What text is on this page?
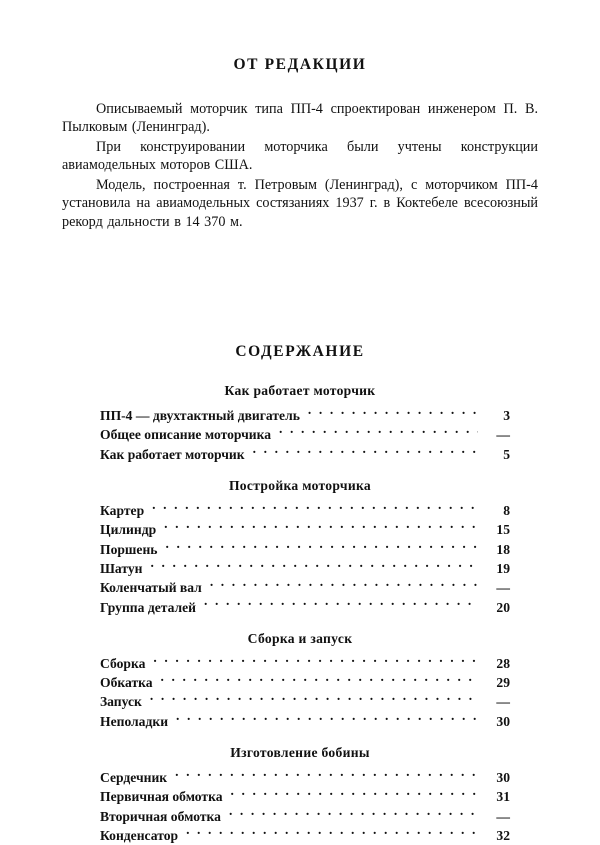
ОТ РЕДАКЦИИ

Описываемый моторчик типа ПП-4 спроектирован инженером П. В. Пылковым (Ленинград).

При конструировании моторчика были учтены конструкции авиамодельных моторов США.

Модель, построенная т. Петровым (Ленинград), с моторчиком ПП-4 установила на авиамодельных состязаниях 1937 г. в Коктебеле всесоюзный рекорд дальности в 14 370 м.

СОДЕРЖАНИЕ
Как работает моторчик
ПП-4 — двухтактный двигатель . . .	3
Общее описание моторчика . . .	—
Как работает моторчик . . .	5
Постройка моторчика
Картер . . .	8
Цилиндр . . .	15
Поршень . . .	18
Шатун . . .	19
Коленчатый вал . . .	—
Группа деталей . . .	20
Сборка и запуск
Сборка . . .	28
Обкатка . . .	29
Запуск . . .	—
Неполадки . . .	30
Изготовление бобины
Сердечник . . .	30
Первичная обмотка . . .	31
Вторичная обмотка . . .	—
Конденсатор . . .	32
